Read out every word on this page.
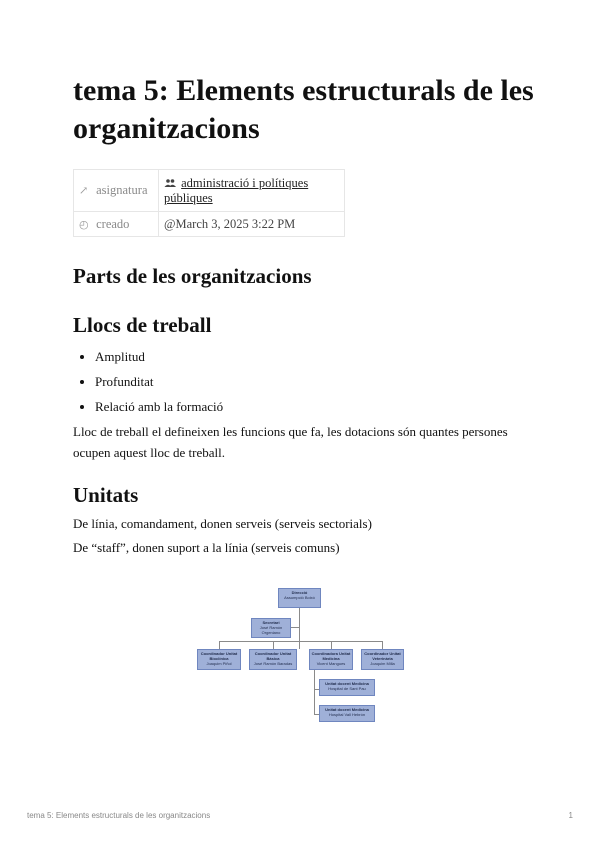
tema 5: Elements estructurals de les organitzacions
↗ asignatura	administració i polítiques públiques
◴ creado	@March 3, 2025 3:22 PM
Parts de les organitzacions
Llocs de treball
• Amplitud
• Profunditat
• Relació amb la formació

Lloc de treball el defineixen les funcions que fa, les dotacions són quantes persones ocupen aquest lloc de treball.

Unitats

De línia, comandament, donen serveis (serveis sectorials)

De “staff”, donen suport a la línia (serveis comuns)

Direcció
Assumpció Boixó
Secretari
José Ramón Orgeniano
Coordinador Unitat Bioclínica
Joaquim Piñol
Coordinador Unitat Bàsica
José Ramón Baradas
Coordinadora Unitat Medicina
Vicent Mangues
Coordinador Unitat Veterinària
Joaquim Milla
Unitat docent Medicina
Hospital de Sant Pau
Unitat docent Medicina
Hospital Vall Hebrón
tema 5: Elements estructurals de les organitzacions	1
